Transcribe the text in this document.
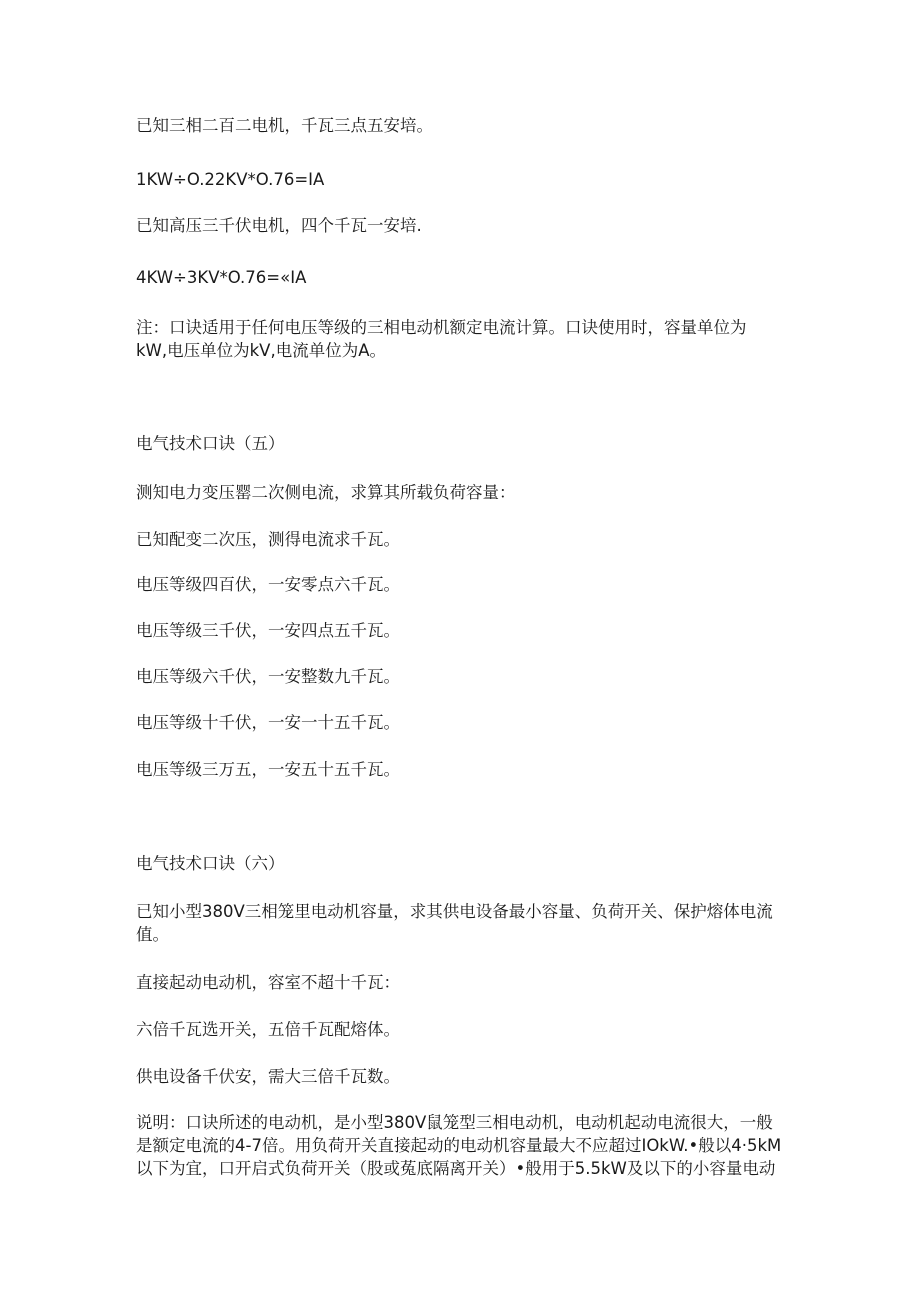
已知三相二百二电机，千瓦三点五安培。
1KW÷O.22KV*O.76=IA
已知高压三千伏电机，四个千瓦一安培.
4KW÷3KV*O.76=«IA
注：口诀适用于任何电压等级的三相电动机额定电流计算。口诀使用时，容量单位为
kW,电压单位为kV,电流单位为A。
电气技术口诀（五）
测知电力变压罂二次侧电流，求算其所载负荷容量：
已知配变二次压，测得电流求千瓦。
电压等级四百伏，一安零点六千瓦。
电压等级三千伏，一安四点五千瓦。
电压等级六千伏，一安整数九千瓦。
电压等级十千伏，一安一十五千瓦。
电压等级三万五，一安五十五千瓦。
电气技术口诀（六）
已知小型380V三相笼里电动机容量，求其供电设备最小容量、负荷开关、保护熔体电流
值。
直接起动电动机，容室不超十千瓦：
六倍千瓦选开关，五倍千瓦配熔体。
供电设备千伏安，需大三倍千瓦数。
说明：口诀所述的电动机，是小型380V鼠笼型三相电动机，电动机起动电流很大，一般
是额定电流的4-7倍。用负荷开关直接起动的电动机容量最大不应超过IOkW.•般以4·5kM
以下为宜，口开启式负荷开关（股或菟底隔离开关）•般用于5.5kW及以下的小容量电动
